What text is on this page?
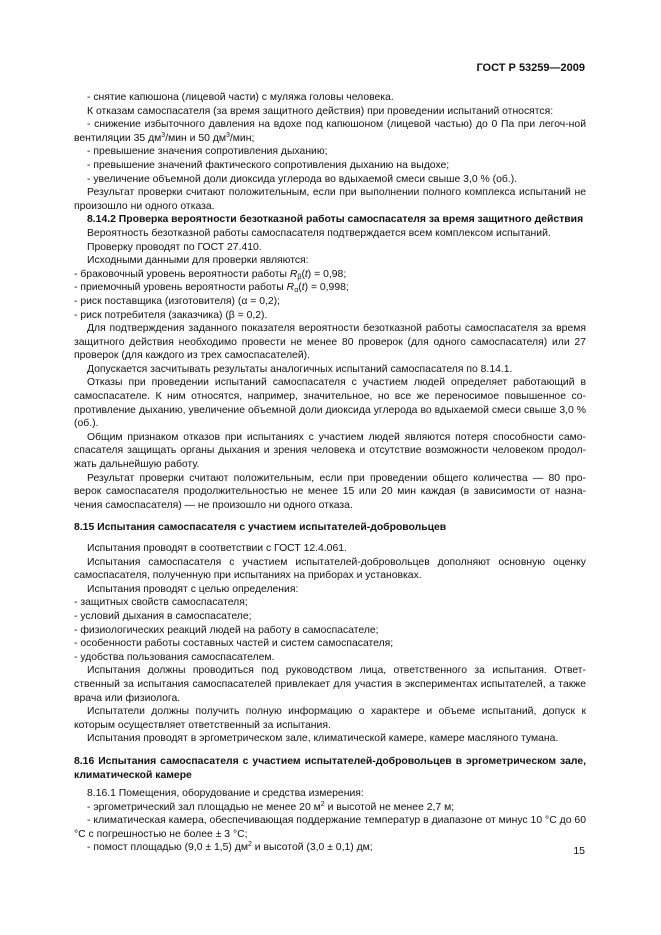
ГОСТ Р 53259—2009

- снятие капюшона (лицевой части) с муляжа головы человека.

К отказам самоспасателя (за время защитного действия) при проведении испытаний относятся:

- снижение избыточного давления на вдохе под капюшоном (лицевой частью) до 0 Па при легоч-ной вентиляции 35 $дм^3$/мин и 50 $дм^3$/мин;

- превышение значения сопротивления дыханию;

- превышение значений фактического сопротивления дыханию на выдохе;

- увеличение объемной доли диоксида углерода во вдыхаемой смеси свыше 3,0 % (об.).

Результат проверки считают положительным, если при выполнении полного комплекса испытаний не произошло ни одного отказа.

8.14.2 Проверка вероятности безотказной работы самоспасателя за время защитного действия

Вероятность безотказной работы самоспасателя подтверждается всем комплексом испытаний.

Проверку проводят по ГОСТ 27.410.

Исходными данными для проверки являются:

- браковочный уровень вероятности работы $R_\beta(t) = 0,98$;

- приемочный уровень вероятности работы $R_\alpha(t) = 0,998$;

- риск поставщика (изготовителя) (α = 0,2);

- риск потребителя (заказчика) (β = 0,2).

Для подтверждения заданного показателя вероятности безотказной работы самоспасателя за время защитного действия необходимо провести не менее 80 проверок (для одного самоспасателя) или 27 проверок (для каждого из трех самоспасателей).

Допускается засчитывать результаты аналогичных испытаний самоспасателя по 8.14.1.

Отказы при проведении испытаний самоспасателя с участием людей определяет работающий в самоспасателе. К ним относятся, например, значительное, но все же переносимое повышенное со-противление дыханию, увеличение объемной доли диоксида углерода во вдыхаемой смеси свыше 3,0 % (об.).

Общим признаком отказов при испытаниях с участием людей являются потеря способности само-спасателя защищать органы дыхания и зрения человека и отсутствие возможности человеком продол-жать дальнейшую работу.

Результат проверки считают положительным, если при проведении общего количества — 80 про-верок самоспасателя продолжительностью не менее 15 или 20 мин каждая (в зависимости от назна-чения самоспасателя) — не произошло ни одного отказа.

8.15 Испытания самоспасателя с участием испытателей-добровольцев

Испытания проводят в соответствии с ГОСТ 12.4.061.

Испытания самоспасателя с участием испытателей-добровольцев дополняют основную оценку самоспасателя, полученную при испытаниях на приборах и установках.

Испытания проводят с целью определения:

- защитных свойств самоспасателя;

- условий дыхания в самоспасателе;

- физиологических реакций людей на работу в самоспасателе;

- особенности работы составных частей и систем самоспасателя;

- удобства пользования самоспасателем.

Испытания должны проводиться под руководством лица, ответственного за испытания. Ответ-ственный за испытания самоспасателей привлекает для участия в экспериментах испытателей, а также врача или физиолога.

Испытатели должны получить полную информацию о характере и объеме испытаний, допуск к которым осуществляет ответственный за испытания.

Испытания проводят в эргометрическом зале, климатической камере, камере масляного тумана.

8.16 Испытания самоспасателя с участием испытателей-добровольцев в эргометрическом зале, климатической камере

8.16.1 Помещения, оборудование и средства измерения:

- эргометрический зал площадью не менее 20 $м^2$ и высотой не менее 2,7 м;

- климатическая камера, обеспечивающая поддержание температур в диапазоне от минус 10 °С до 60 °С с погрешностью не более ± 3 °С;

- помост площадью (9,0 ± 1,5) $дм^2$ и высотой (3,0 ± 0,1) дм;	15
